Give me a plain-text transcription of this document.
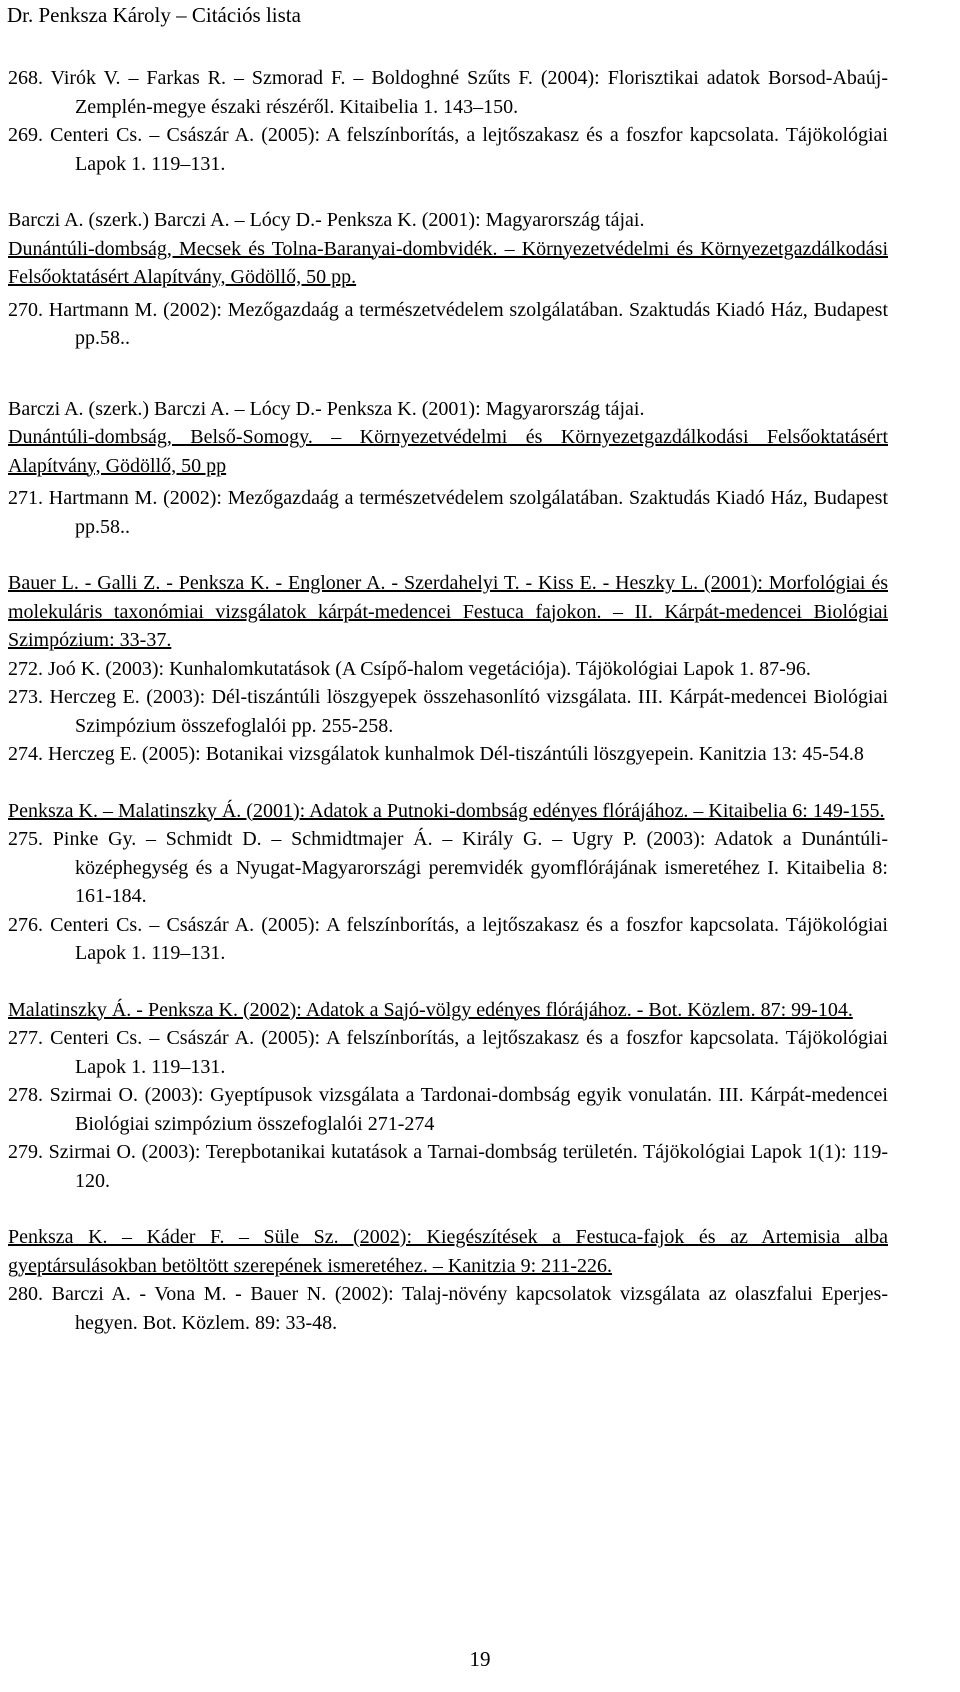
Dr. Penksza Károly – Citációs lista
268. Virók V. – Farkas R. – Szmorad F. – Boldoghné Szűts F. (2004): Florisztikai adatok Borsod-Abaúj-Zemplén-megye északi részéről. Kitaibelia 1. 143–150.
269. Centeri Cs. – Császár A. (2005): A felszínborítás, a lejtőszakasz és a foszfor kapcsolata. Tájökológiai Lapok 1. 119–131.
Barczi A. (szerk.) Barczi A. – Lócy D.- Penksza K. (2001): Magyarország tájai.
Dunántúli-dombság, Mecsek és Tolna-Baranyai-dombvidék. – Környezetvédelmi és Környezetgazdálkodási Felsőoktatásért Alapítvány, Gödöllő, 50 pp.
270. Hartmann M. (2002): Mezőgazdaág a természetvédelem szolgálatában. Szaktudás Kiadó Ház, Budapest pp.58..
Barczi A. (szerk.) Barczi A. – Lócy D.- Penksza K. (2001): Magyarország tájai.
Dunántúli-dombság, Belső-Somogy. – Környezetvédelmi és Környezetgazdálkodási Felsőoktatásért Alapítvány, Gödöllő, 50 pp
271. Hartmann M. (2002): Mezőgazdaág a természetvédelem szolgálatában. Szaktudás Kiadó Ház, Budapest pp.58..
Bauer L. - Galli Z. - Penksza K. - Engloner A. - Szerdahelyi T. - Kiss E. - Heszky L. (2001): Morfológiai és molekuláris taxonómiai vizsgálatok kárpát-medencei Festuca fajokon. – II. Kárpát-medencei Biológiai Szimpózium: 33-37.
272. Joó K. (2003): Kunhalomkutatások (A Csípő-halom vegetációja). Tájökológiai Lapok 1. 87-96.
273. Herczeg E. (2003): Dél-tiszántúli löszgyepek összehasonlító vizsgálata. III. Kárpát-medencei Biológiai Szimpózium összefoglalói pp. 255-258.
274. Herczeg E. (2005): Botanikai vizsgálatok kunhalmok Dél-tiszántúli löszgyepein. Kanitzia 13: 45-54.8
Penksza K. – Malatinszky Á. (2001): Adatok a Putnoki-dombság edényes flórájához. – Kitaibelia 6: 149-155.
275. Pinke Gy. – Schmidt D. – Schmidtmajer Á. – Király G. – Ugry P. (2003): Adatok a Dunántúli-középhegység és a Nyugat-Magyarországi peremvidék gyomflórájának ismeretéhez I. Kitaibelia 8: 161-184.
276. Centeri Cs. – Császár A. (2005): A felszínborítás, a lejtőszakasz és a foszfor kapcsolata. Tájökológiai Lapok 1. 119–131.
Malatinszky Á. - Penksza K. (2002): Adatok a Sajó-völgy edényes flórájához. - Bot. Közlem. 87: 99-104.
277. Centeri Cs. – Császár A. (2005): A felszínborítás, a lejtőszakasz és a foszfor kapcsolata. Tájökológiai Lapok 1. 119–131.
278. Szirmai O. (2003): Gyeptípusok vizsgálata a Tardonai-dombság egyik vonulatán. III. Kárpát-medencei Biológiai szimpózium összefoglalói 271-274
279. Szirmai O. (2003): Terepbotanikai kutatások a Tarnai-dombság területén. Tájökológiai Lapok 1(1): 119-120.
Penksza K. – Káder F. – Süle Sz. (2002): Kiegészítések a Festuca-fajok és az Artemisia alba gyeptársulásokban betöltött szerepének ismeretéhez. – Kanitzia 9: 211-226.
280. Barczi A. - Vona M. - Bauer N. (2002): Talaj-növény kapcsolatok vizsgálata az olaszfalui Eperjes-hegyen. Bot. Közlem. 89: 33-48.
19
